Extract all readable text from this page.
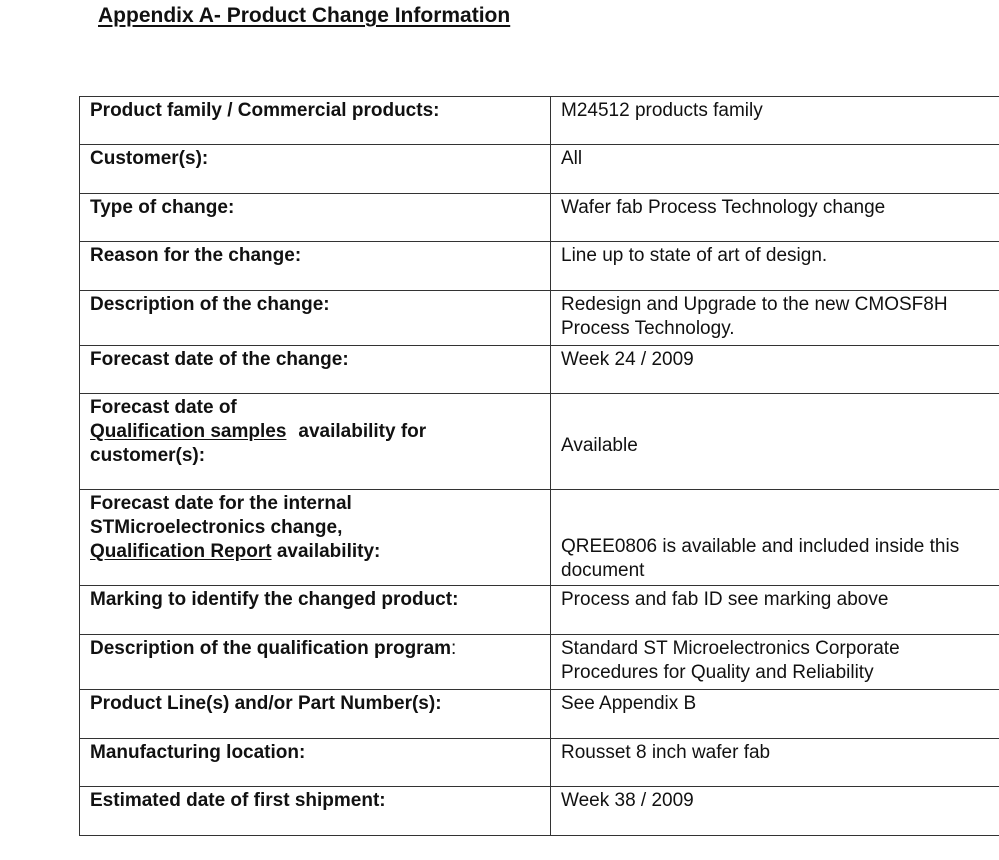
Appendix A- Product Change Information
Product family / Commercial products:	M24512 products family
Customer(s):	All
Type of change:	Wafer fab Process Technology change
Reason for the change:	Line up to state of art of design.
Description of the change:	Redesign and Upgrade to the new CMOSF8H
Process Technology.
Forecast date of the change:	Week 24 / 2009
Forecast date of
Qualification samples availability for
customer(s):	Available
Forecast date for the internal
STMicroelectronics change,
Qualification Report availability:	QREE0806 is available and included inside this
document
Marking to identify the changed product:	Process and fab ID see marking above
Description of the qualification program:	Standard ST Microelectronics Corporate
Procedures for Quality and Reliability
Product Line(s) and/or Part Number(s):	See Appendix B
Manufacturing location:	Rousset 8 inch wafer fab
Estimated date of first shipment:	Week 38 / 2009
